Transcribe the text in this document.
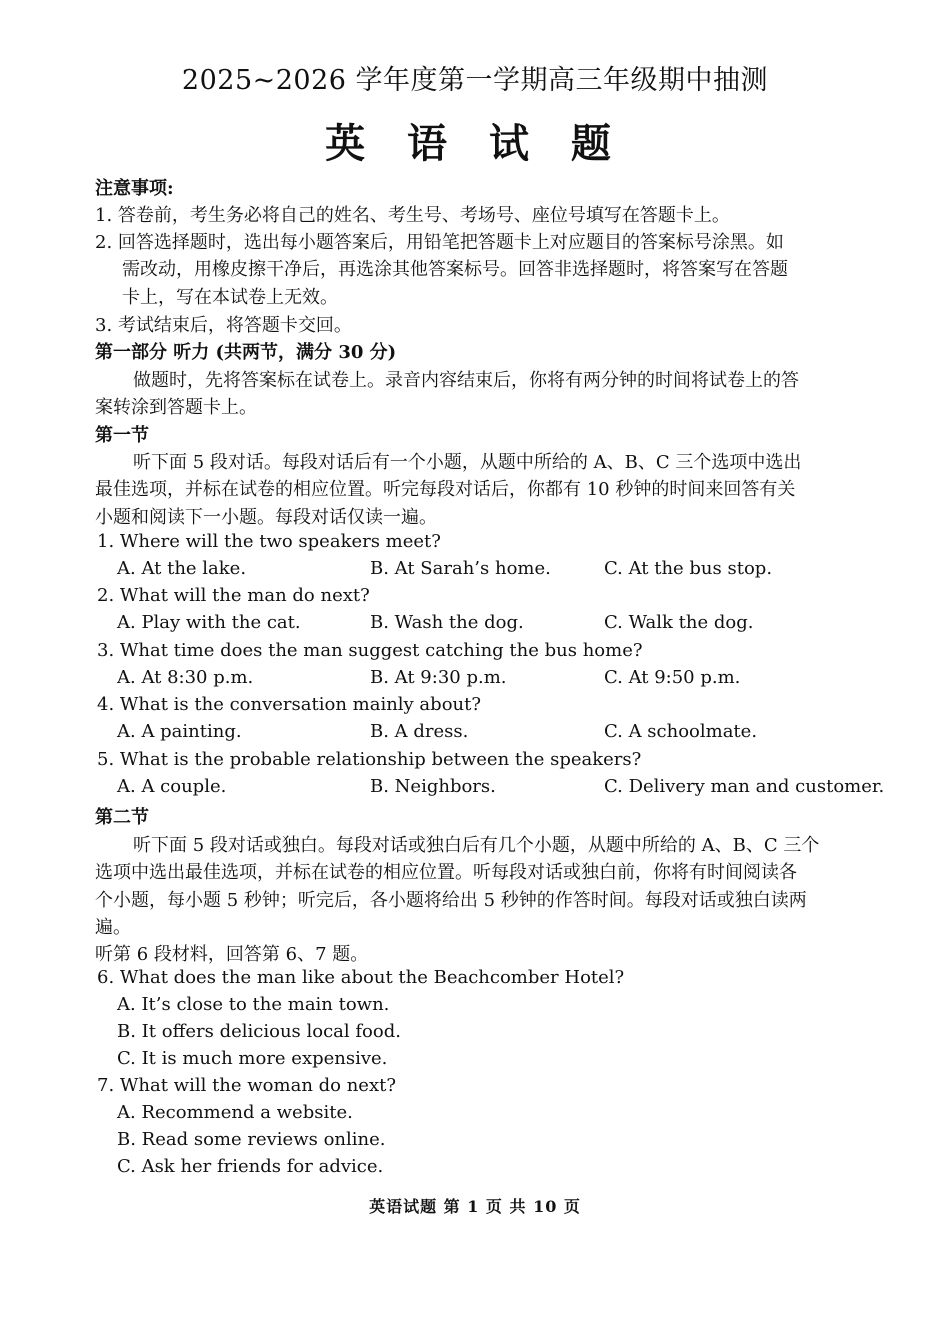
2025~2026 学年度第一学期高三年级期中抽测
英 语 试 题
注意事项:
1. 答卷前，考生务必将自己的姓名、考生号、考场号、座位号填写在答题卡上。
2. 回答选择题时，选出每小题答案后，用铅笔把答题卡上对应题目的答案标号涂黑。如
需改动，用橡皮擦干净后，再选涂其他答案标号。回答非选择题时，将答案写在答题
卡上，写在本试卷上无效。
3. 考试结束后，将答题卡交回。
第一部分 听力 (共两节，满分 30 分)
做题时，先将答案标在试卷上。录音内容结束后，你将有两分钟的时间将试卷上的答
案转涂到答题卡上。
第一节
听下面 5 段对话。每段对话后有一个小题，从题中所给的 A、B、C 三个选项中选出
最佳选项，并标在试卷的相应位置。听完每段对话后，你都有 10 秒钟的时间来回答有关
小题和阅读下一小题。每段对话仅读一遍。
1. Where will the two speakers meet?
A. At the lake.	B. At Sarah’s home.	C. At the bus stop.
2. What will the man do next?
A. Play with the cat.	B. Wash the dog.	C. Walk the dog.
3. What time does the man suggest catching the bus home?
A. At 8:30 p.m.	B. At 9:30 p.m.	C. At 9:50 p.m.
4. What is the conversation mainly about?
A. A painting.	B. A dress.	C. A schoolmate.
5. What is the probable relationship between the speakers?
A. A couple.	B. Neighbors.	C. Delivery man and customer.
第二节
听下面 5 段对话或独白。每段对话或独白后有几个小题，从题中所给的 A、B、C 三个
选项中选出最佳选项，并标在试卷的相应位置。听每段对话或独白前，你将有时间阅读各
个小题，每小题 5 秒钟；听完后，各小题将给出 5 秒钟的作答时间。每段对话或独白读两
遍。
听第 6 段材料，回答第 6、7 题。
6. What does the man like about the Beachcomber Hotel?
A. It’s close to the main town.
B. It offers delicious local food.
C. It is much more expensive.
7. What will the woman do next?
A. Recommend a website.
B. Read some reviews online.
C. Ask her friends for advice.
英语试题 第 1 页 共 10 页
